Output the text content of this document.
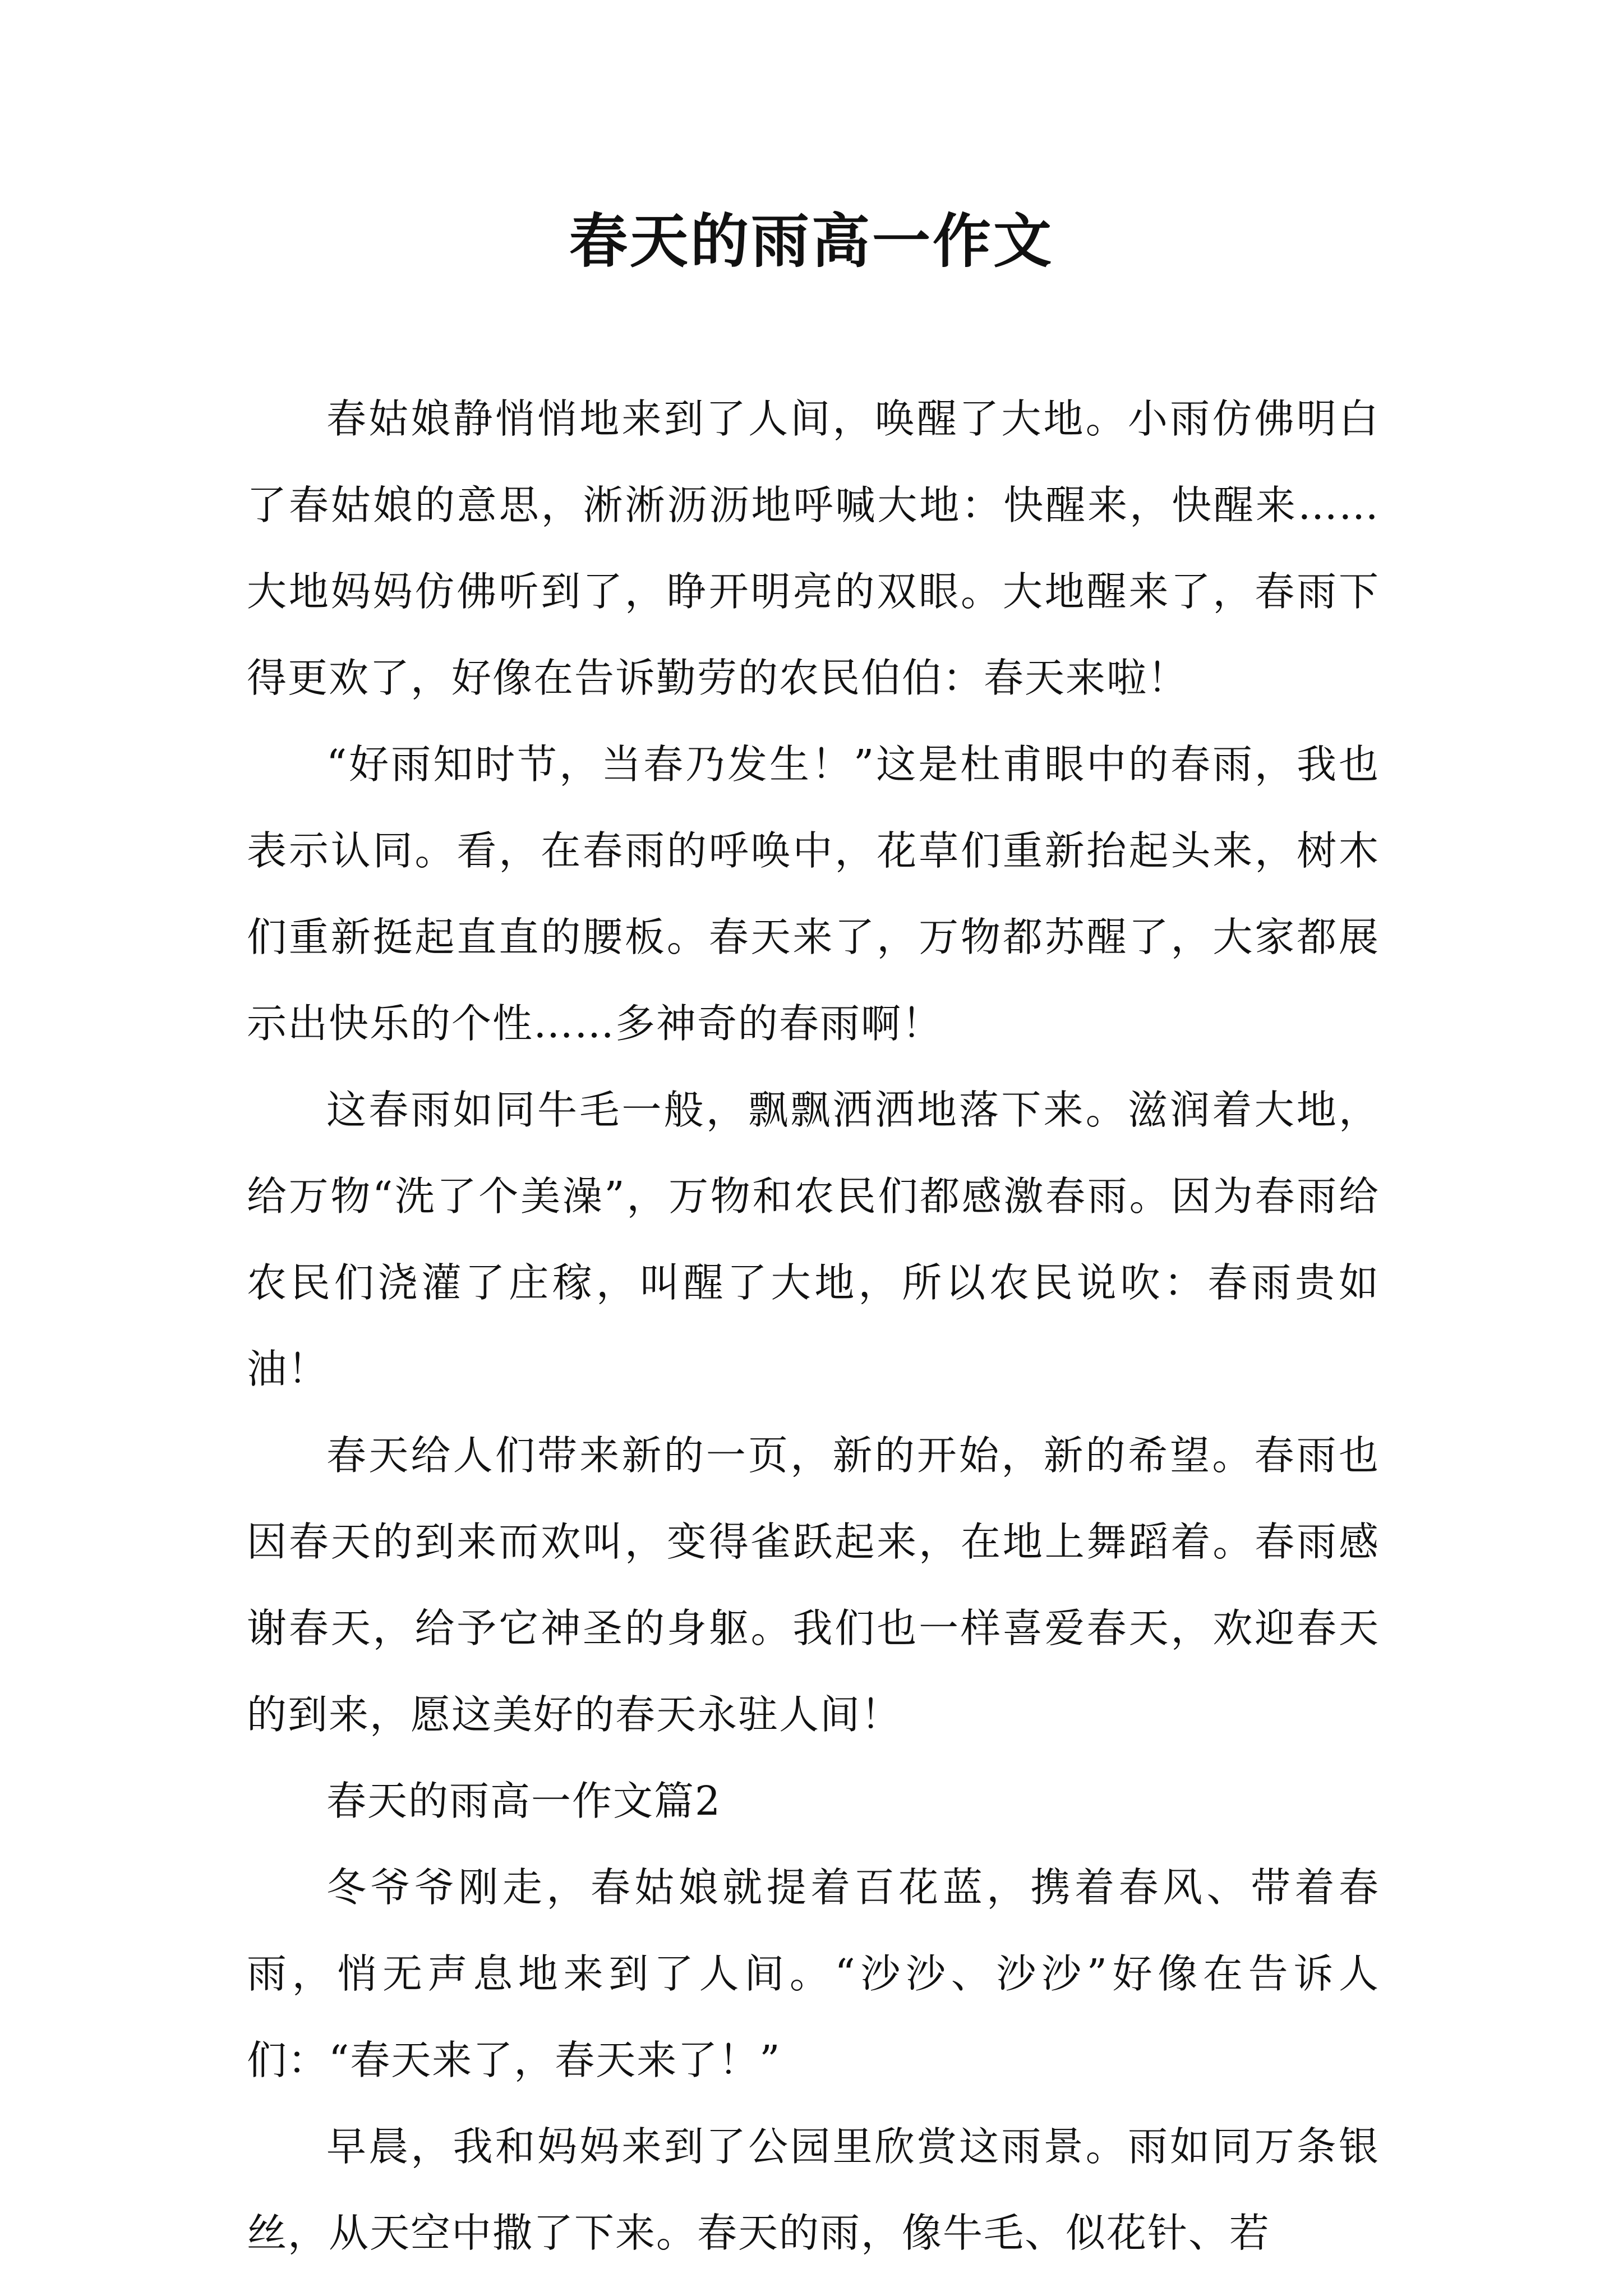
春天的雨高一作文

春姑娘静悄悄地来到了人间，唤醒了大地。小雨仿佛明白了春姑娘的意思，淅淅沥沥地呼喊大地：快醒来，快醒来……大地妈妈仿佛听到了，睁开明亮的双眼。大地醒来了，春雨下得更欢了，好像在告诉勤劳的农民伯伯：春天来啦！

“好雨知时节，当春乃发生！”这是杜甫眼中的春雨，我也表示认同。看，在春雨的呼唤中，花草们重新抬起头来，树木们重新挺起直直的腰板。春天来了，万物都苏醒了，大家都展示出快乐的个性……多神奇的春雨啊！

这春雨如同牛毛一般，飘飘洒洒地落下来。滋润着大地，给万物“洗了个美澡”，万物和农民们都感激春雨。因为春雨给农民们浇灌了庄稼，叫醒了大地，所以农民说吹：春雨贵如油！

春天给人们带来新的一页，新的开始，新的希望。春雨也因春天的到来而欢叫，变得雀跃起来，在地上舞蹈着。春雨感谢春天，给予它神圣的身躯。我们也一样喜爱春天，欢迎春天的到来，愿这美好的春天永驻人间！

春天的雨高一作文篇2

冬爷爷刚走，春姑娘就提着百花蓝，携着春风、带着春雨，悄无声息地来到了人间。“沙沙、沙沙”好像在告诉人们：“春天来了，春天来了！”

早晨，我和妈妈来到了公园里欣赏这雨景。雨如同万条银丝，从天空中撒了下来。春天的雨，像牛毛、似花针、若
